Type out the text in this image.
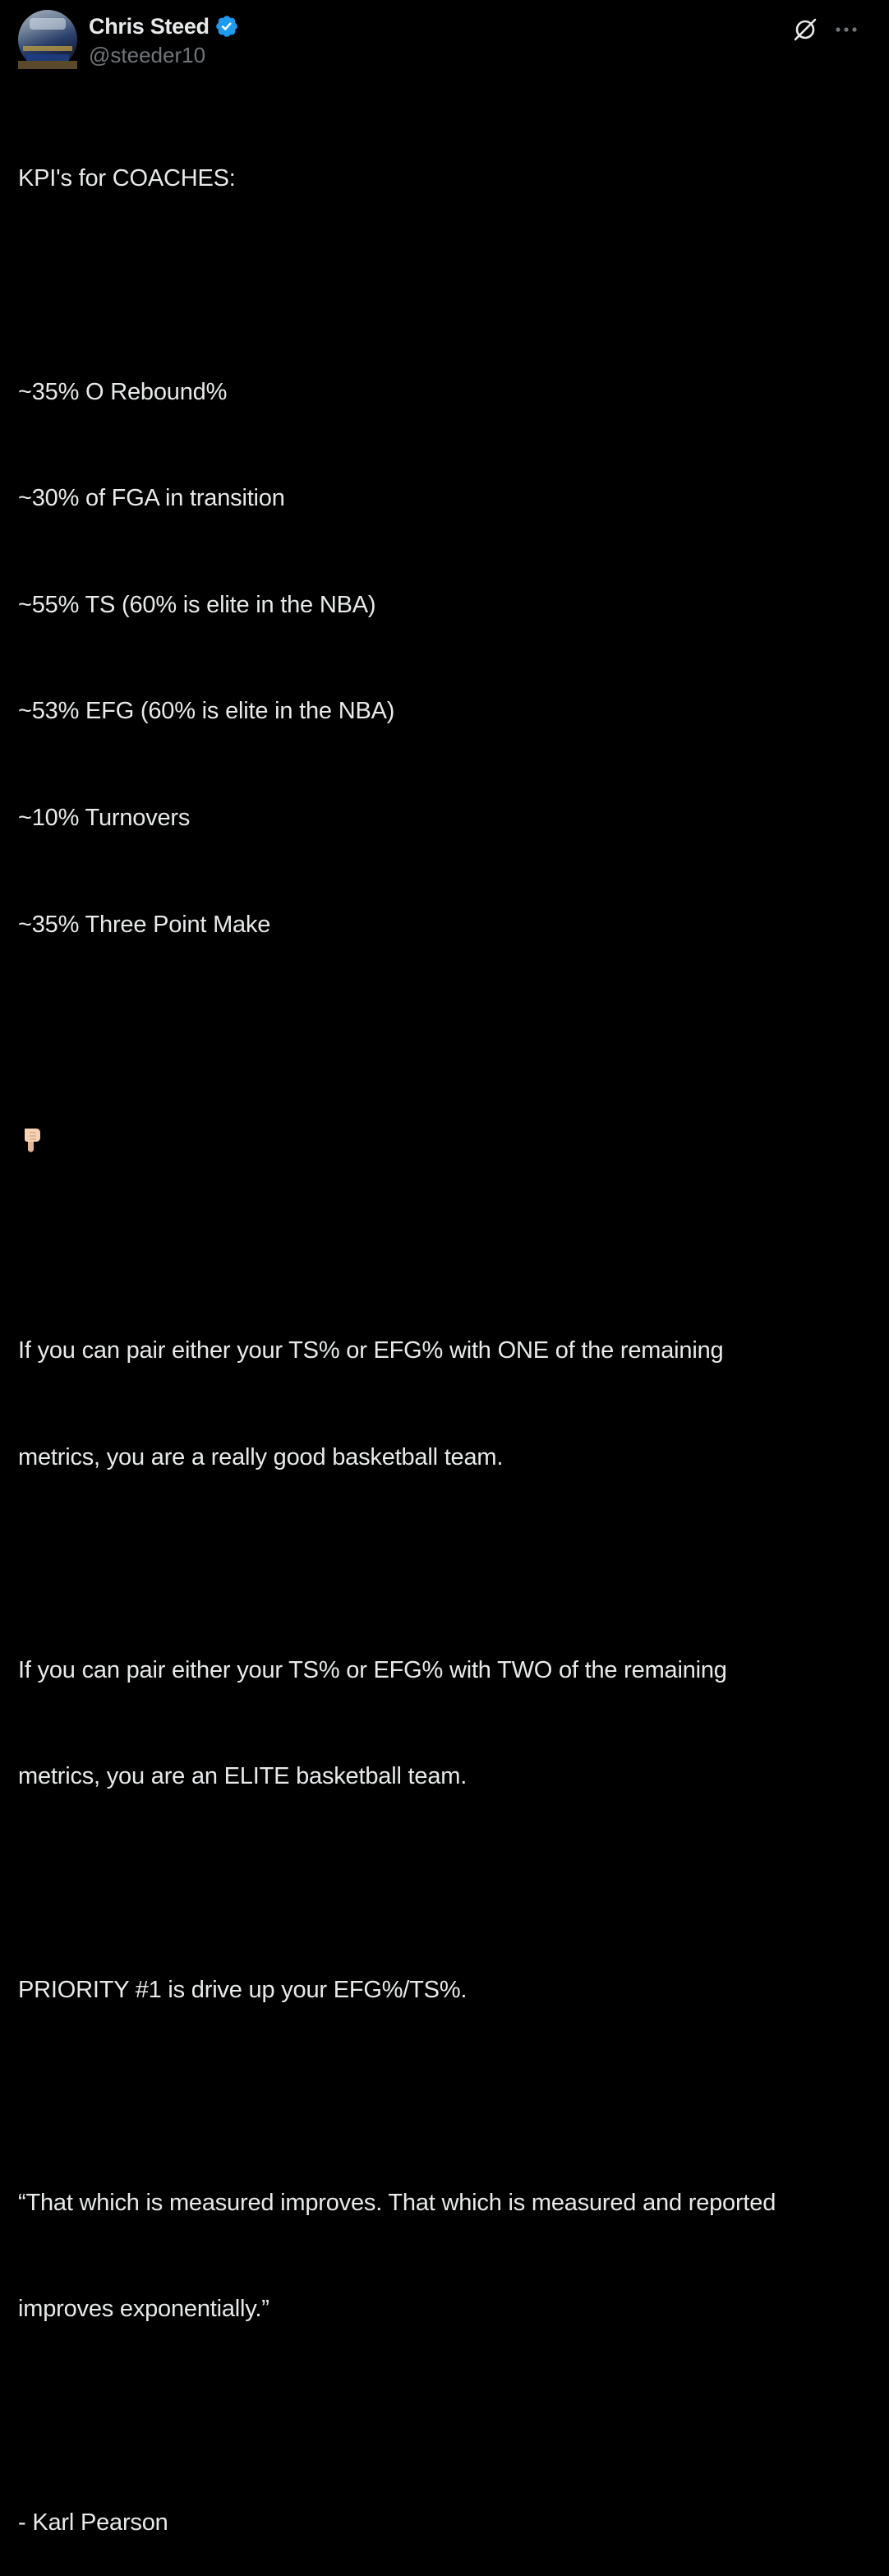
Chris Steed
@steeder10

KPI's for COACHES:

~35% O Rebound%

~30% of FGA in transition

~55% TS (60% is elite in the NBA)

~53% EFG (60% is elite in the NBA)

~10% Turnovers

~35% Three Point Make

If you can pair either your TS% or EFG% with ONE of the remaining

metrics, you are a really good basketball team.

If you can pair either your TS% or EFG% with TWO of the remaining

metrics, you are an ELITE basketball team.

PRIORITY #1 is drive up your EFG%/TS%.

“That which is measured improves. That which is measured and reported

improves exponentially.”

- Karl Pearson
